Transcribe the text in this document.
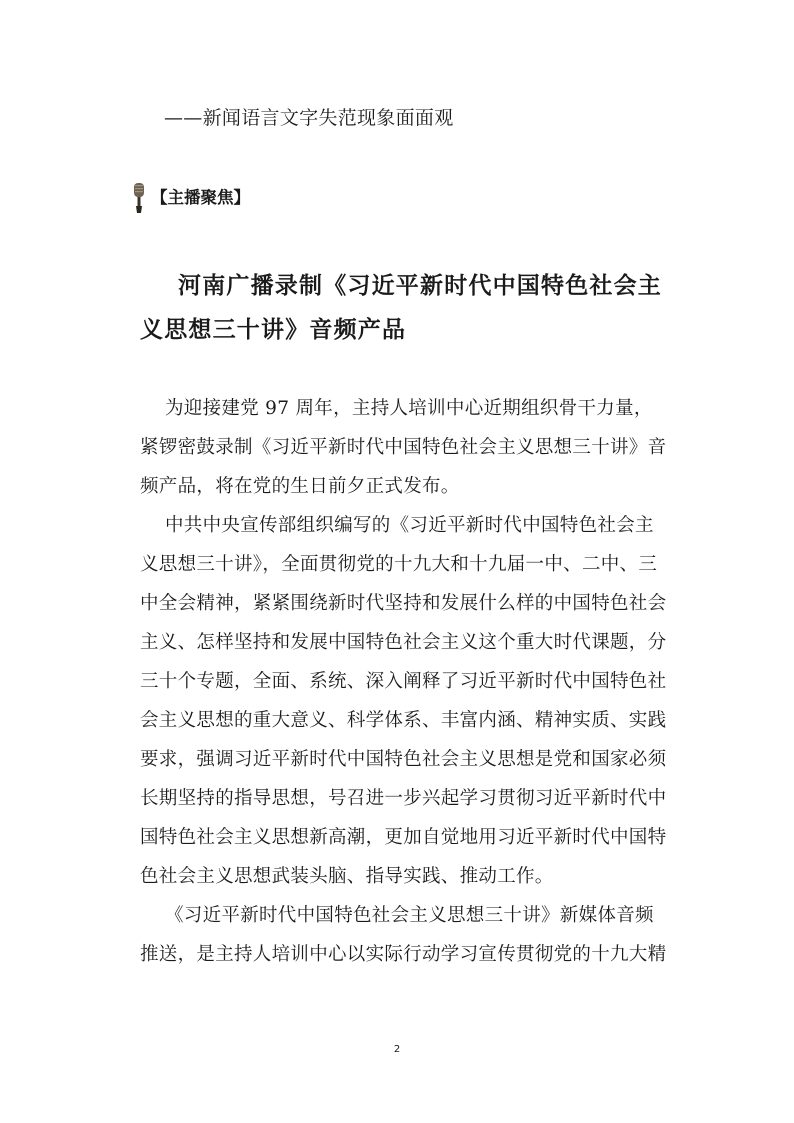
——新闻语言文字失范现象面面观
【主播聚焦】
河南广播录制《习近平新时代中国特色社会主
义思想三十讲》音频产品
为迎接建党 97 周年，主持人培训中心近期组织骨干力量，
紧锣密鼓录制《习近平新时代中国特色社会主义思想三十讲》音
频产品，将在党的生日前夕正式发布。
中共中央宣传部组织编写的《习近平新时代中国特色社会主
义思想三十讲》，全面贯彻党的十九大和十九届一中、二中、三
中全会精神，紧紧围绕新时代坚持和发展什么样的中国特色社会
主义、怎样坚持和发展中国特色社会主义这个重大时代课题，分
三十个专题，全面、系统、深入阐释了习近平新时代中国特色社
会主义思想的重大意义、科学体系、丰富内涵、精神实质、实践
要求，强调习近平新时代中国特色社会主义思想是党和国家必须
长期坚持的指导思想，号召进一步兴起学习贯彻习近平新时代中
国特色社会主义思想新高潮，更加自觉地用习近平新时代中国特
色社会主义思想武装头脑、指导实践、推动工作。
《习近平新时代中国特色社会主义思想三十讲》新媒体音频
推送，是主持人培训中心以实际行动学习宣传贯彻党的十九大精
2
